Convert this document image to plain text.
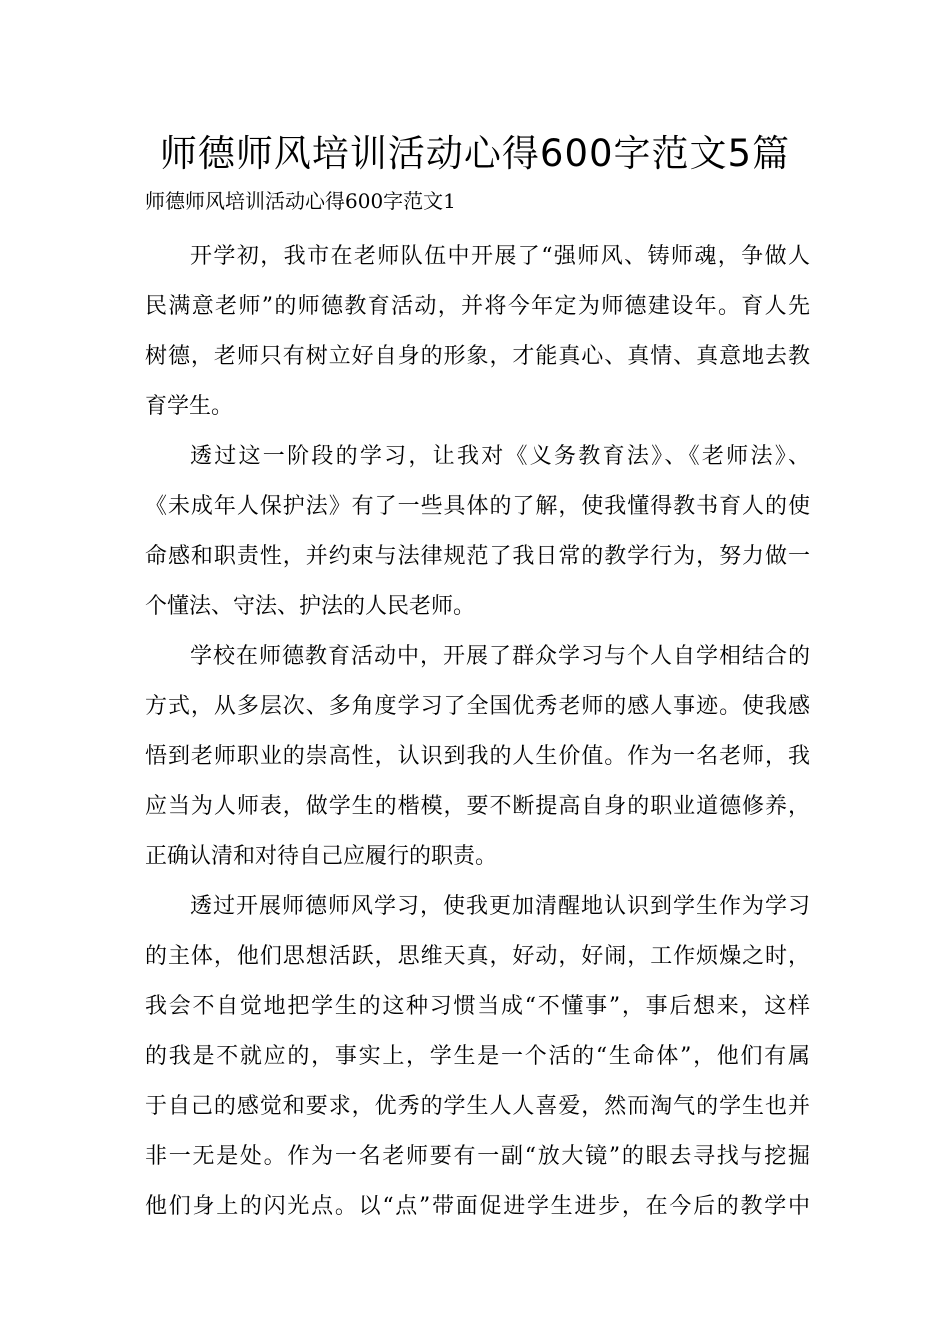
师德师风培训活动心得600字范文5篇

师德师风培训活动心得600字范文1

开学初，我市在老师队伍中开展了“强师风、铸师魂，争做人
民满意老师”的师德教育活动，并将今年定为师德建设年。育人先
树德，老师只有树立好自身的形象，才能真心、真情、真意地去教
育学生。
透过这一阶段的学习，让我对《义务教育法》、《老师法》、
《未成年人保护法》有了一些具体的了解，使我懂得教书育人的使
命感和职责性，并约束与法律规范了我日常的教学行为，努力做一
个懂法、守法、护法的人民老师。
学校在师德教育活动中，开展了群众学习与个人自学相结合的
方式，从多层次、多角度学习了全国优秀老师的感人事迹。使我感
悟到老师职业的崇高性，认识到我的人生价值。作为一名老师，我
应当为人师表，做学生的楷模，要不断提高自身的职业道德修养，
正确认清和对待自己应履行的职责。
透过开展师德师风学习，使我更加清醒地认识到学生作为学习
的主体，他们思想活跃，思维天真，好动，好闹，工作烦燥之时，
我会不自觉地把学生的这种习惯当成“不懂事”，事后想来，这样
的我是不就应的，事实上，学生是一个活的“生命体”，他们有属
于自己的感觉和要求，优秀的学生人人喜爱，然而淘气的学生也并
非一无是处。作为一名老师要有一副“放大镜”的眼去寻找与挖掘
他们身上的闪光点。以“点”带面促进学生进步，在今后的教学中
